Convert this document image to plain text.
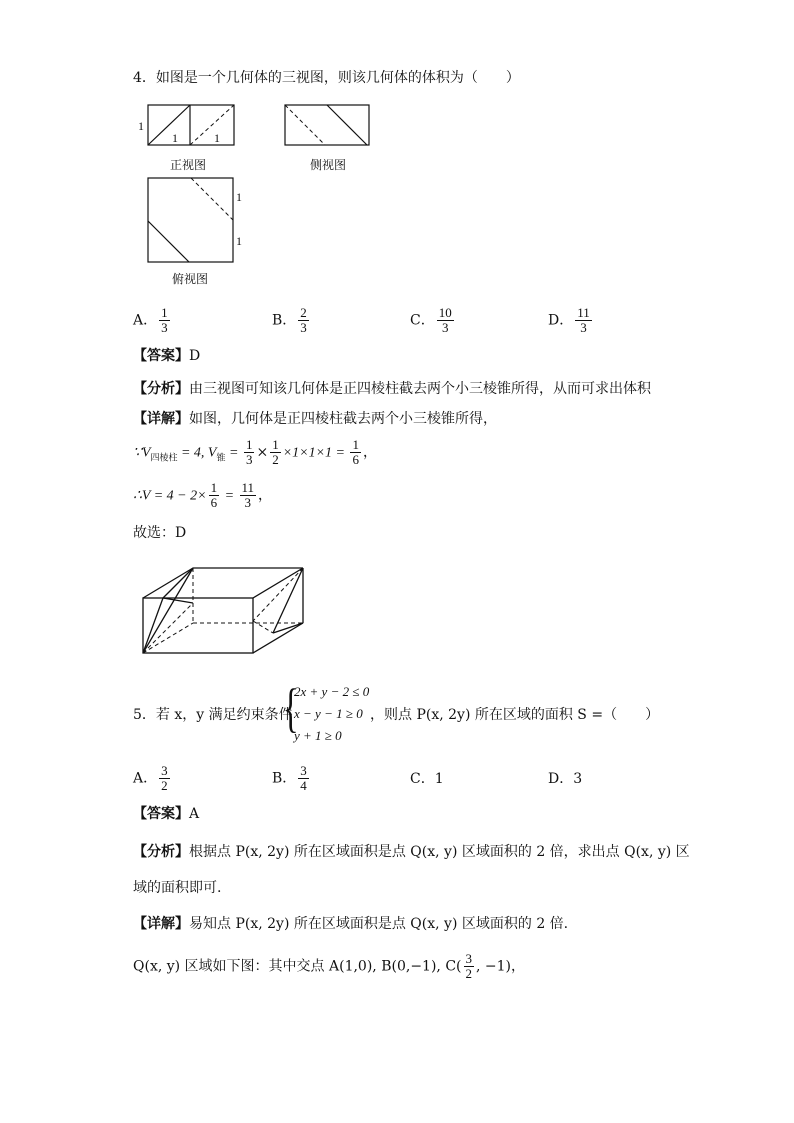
4．如图是一个几何体的三视图，则该几何体的体积为（　　）
1
1	1
正视图	侧视图
1
1
俯视图
A． $\frac{1}{3}$	B． $\frac{2}{3}$	C． $\frac{10}{3}$	D． $\frac{11}{3}$
【答案】D
【分析】由三视图可知该几何体是正四棱柱截去两个小三棱锥所得，从而可求出体积
【详解】如图，几何体是正四棱柱截去两个小三棱锥所得，
$\because V_{四棱柱} = 4$, $V_锥 = \frac{1}{3} \times \frac{1}{2} \times 1\times 1\times 1 = \frac{1}{6}$ ，
∴V = $4 - 2\times \frac{1}{6} = \frac{11}{3}$ ，
故选：D
5．若 x，y 满足约束条件
{
2x + y − 2 ≤ 0
x − y − 1 ≥ 0
y + 1 ≥ 0
，则点 P(x, 2y) 所在区域的面积 S =（　　）
A． $\frac{3}{2}$	B． $\frac{3}{4}$	C．1	D．3
【答案】A
【分析】根据点 P(x, 2y) 所在区域面积是点 Q(x, y) 区域面积的 2 倍，求出点 Q(x, y) 区
域的面积即可.
【详解】易知点 P(x, 2y) 所在区域面积是点 Q(x, y) 区域面积的 2 倍.
Q(x, y) 区域如下图：其中交点 A(1,0), B(0,−1), $C( \frac{3}{2}$ , −1)，
